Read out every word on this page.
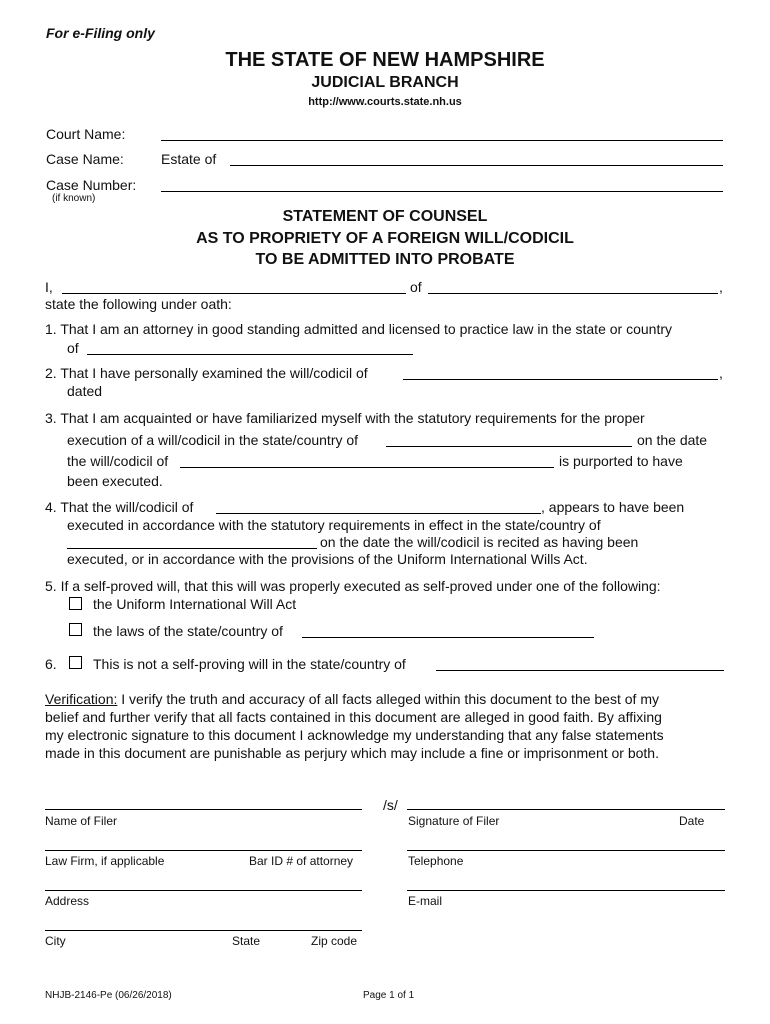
For e-Filing only
THE STATE OF NEW HAMPSHIRE
JUDICIAL BRANCH
http://www.courts.state.nh.us
Court Name:
Case Name:	Estate of
Case Number:
(if known)
STATEMENT OF COUNSEL
AS TO PROPRIETY OF A FOREIGN WILL/CODICIL
TO BE ADMITTED INTO PROBATE
I,	of	,
state the following under oath:
1. That I am an attorney in good standing admitted and licensed to practice law in the state or country
of
2. That I have personally examined the will/codicil of	,
dated
3. That I am acquainted or have familiarized myself with the statutory requirements for the proper
execution of a will/codicil in the state/country of	on the date
the will/codicil of	is purported to have
been executed.
4. That the will/codicil of	, appears to have been
executed in accordance with the statutory requirements in effect in the state/country of
on the date the will/codicil is recited as having been
executed, or in accordance with the provisions of the Uniform International Wills Act.
5. If a self-proved will, that this will was properly executed as self-proved under one of the following:
the Uniform International Will Act
the laws of the state/country of
6.	This is not a self-proving will in the state/country of
Verification: I verify the truth and accuracy of all facts alleged within this document to the best of my
belief and further verify that all facts contained in this document are alleged in good faith. By affixing
my electronic signature to this document I acknowledge my understanding that any false statements
made in this document are punishable as perjury which may include a fine or imprisonment or both.
/s/
Name of Filer	Signature of Filer	Date
Law Firm, if applicable	Bar ID # of attorney	Telephone
Address	E-mail
City	State	Zip code
NHJB-2146-Pe (06/26/2018)	Page 1 of 1
